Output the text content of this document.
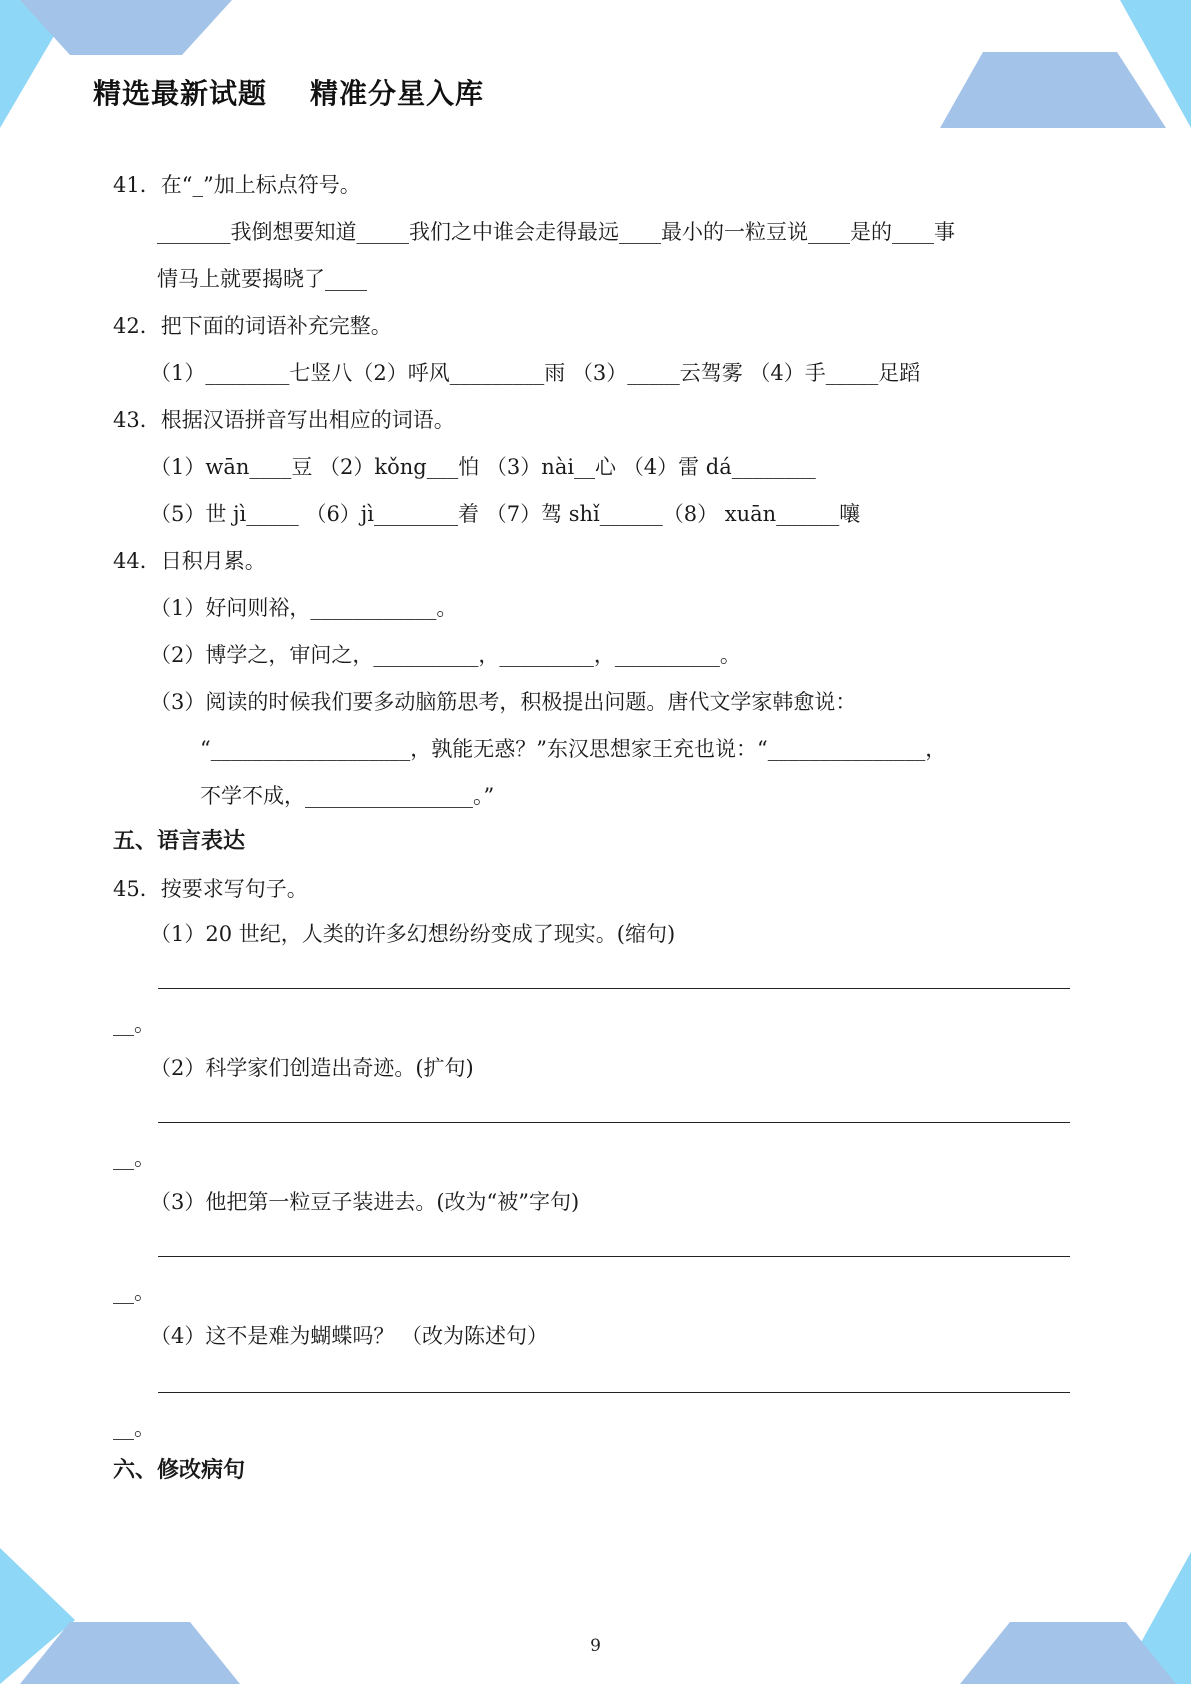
精选最新试题    精准分星入库
41．在“_”加上标点符号。
_______我倒想要知道_____我们之中谁会走得最远____最小的一粒豆说____是的____事
情马上就要揭晓了____
42．把下面的词语补充完整。
（1）________七竖八（2）呼风_________雨 （3）_____云驾雾 （4）手_____足蹈
43．根据汉语拼音写出相应的词语。
（1）wān____豆 （2）kǒng___怕 （3）nài__心 （4）雷 dá________
（5）世 jì_____ （6）jì________着 （7）驾 shǐ______（8） xuān______嚷
44．日积月累。
（1）好问则裕，____________。
（2）博学之，审问之，__________，_________，__________。
（3）阅读的时候我们要多动脑筋思考，积极提出问题。唐代文学家韩愈说：
“___________________，孰能无惑？”东汉思想家王充也说：“_______________，
不学不成，________________。”
五、语言表达
45．按要求写句子。
（1）20 世纪，人类的许多幻想纷纷变成了现实。(缩句)
__。
（2）科学家们创造出奇迹。(扩句)
__。
（3）他把第一粒豆子装进去。(改为“被”字句)
__。
（4）这不是难为蝴蝶吗？ （改为陈述句）
__。
六、修改病句
9
